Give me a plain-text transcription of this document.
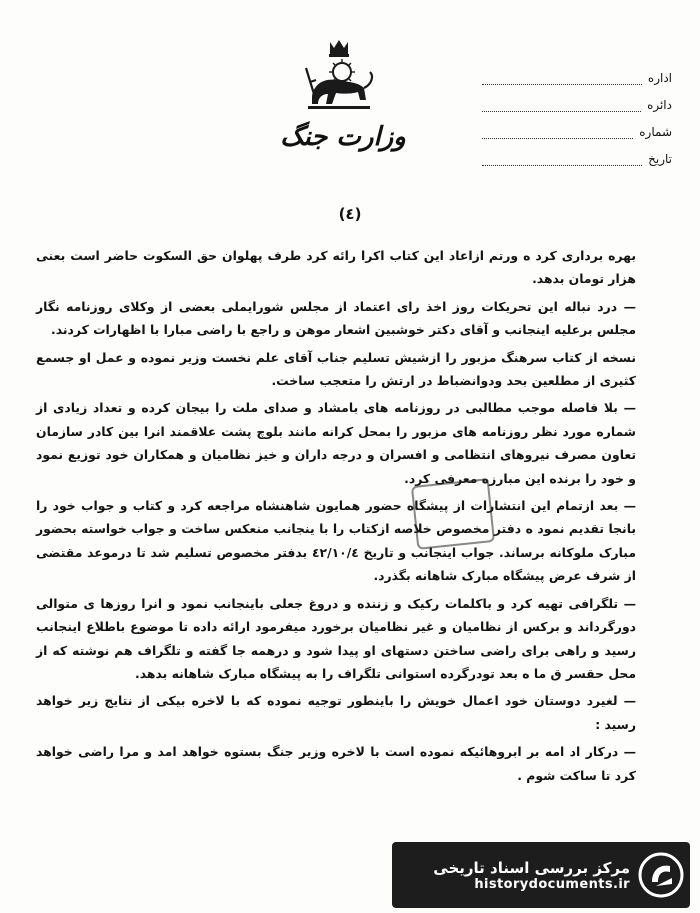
وزارت جنگ
اداره
دائره
شماره
تاریخ
(٤)

بهره برداری کرد ه ورتم ازاعاد این کتاب اکرا رائه کرد طرف پهلوان حق السکوت حاضر است بعنی هزار تومان بدهد.

— درد نباله این تحریکات روز اخذ رای اعتماد از مجلس شورایملی بعضی از وکلای روزنامه نگار مجلس برعلیه اینجانب و آقای دکتر خوشبین اشعار موهن و راجع با راضی مبارا با اظهارات کردند.

نسخه از کتاب سرهنگ مزبور را ازشیش تسلیم جناب آقای علم نخست وزیر نموده و عمل او جسمع کثیری از مطلعین بحد ودوانضباط در ارتش را متعجب ساخت.

— بلا فاصله موجب مطالبی در روزنامه های بامشاد و صدای ملت را بیجان کرده و تعداد زیادی از شماره مورد نظر روزنامه های مزبور را بمحل کرانه مانند بلوچ پشت علاقمند انرا بین کادر سازمان تعاون مصرف نیروهای انتظامی و افسران و درجه داران و خیز نظامیان و همکاران خود توزیع نمود و خود را برنده این مبارزه معرفی کرد.

— بعد ازتمام این انتشارات از پیشگاه حضور همایون شاهنشاه مراجعه کرد و کتاب و جواب خود را بانجا تقدیم نمود ه دفتر مخصوص خلاصه ازکتاب را با ینجانب منعکس ساخت و جواب خواسته بحضور مبارک ملوکانه برساند. جواب اینجانب و تاریخ ٤٢/١٠/٤ بدفتر مخصوص تسلیم شد تا درموعد مقتضی از شرف عرض پیشگاه مبارک شاهانه بگذرد.

— تلگرافی تهیه کرد و باکلمات رکیک و زننده و دروغ جعلی باینجانب نمود و انرا روزها ی متوالی دورگرداند و برکس از نظامیان و غیر نظامیان برخورد میفرمود ارائه داده تا موضوع باطلاع اینجانب رسید و راهی برای راضی ساختن دستهای او پیدا شود و درهمه جا گفته و تلگراف هم نوشته که از محل حقسر ق ما ه بعد تودرگرده استوانی تلگراف را به پیشگاه مبارک شاهانه بدهد.

— لغیرد دوستان خود اعمال خویش را باینطور توجیه نموده که با لاخره بیکی از نتایج زیر خواهد رسید :

— درکار اد امه بر ابروهائیکه نموده است با لاخره وزیر جنگ بستوه خواهد امد و مرا راضی خواهد کرد تا ساکت شوم .

مرکز بررسی اسناد تاریخی
historydocuments.ir
